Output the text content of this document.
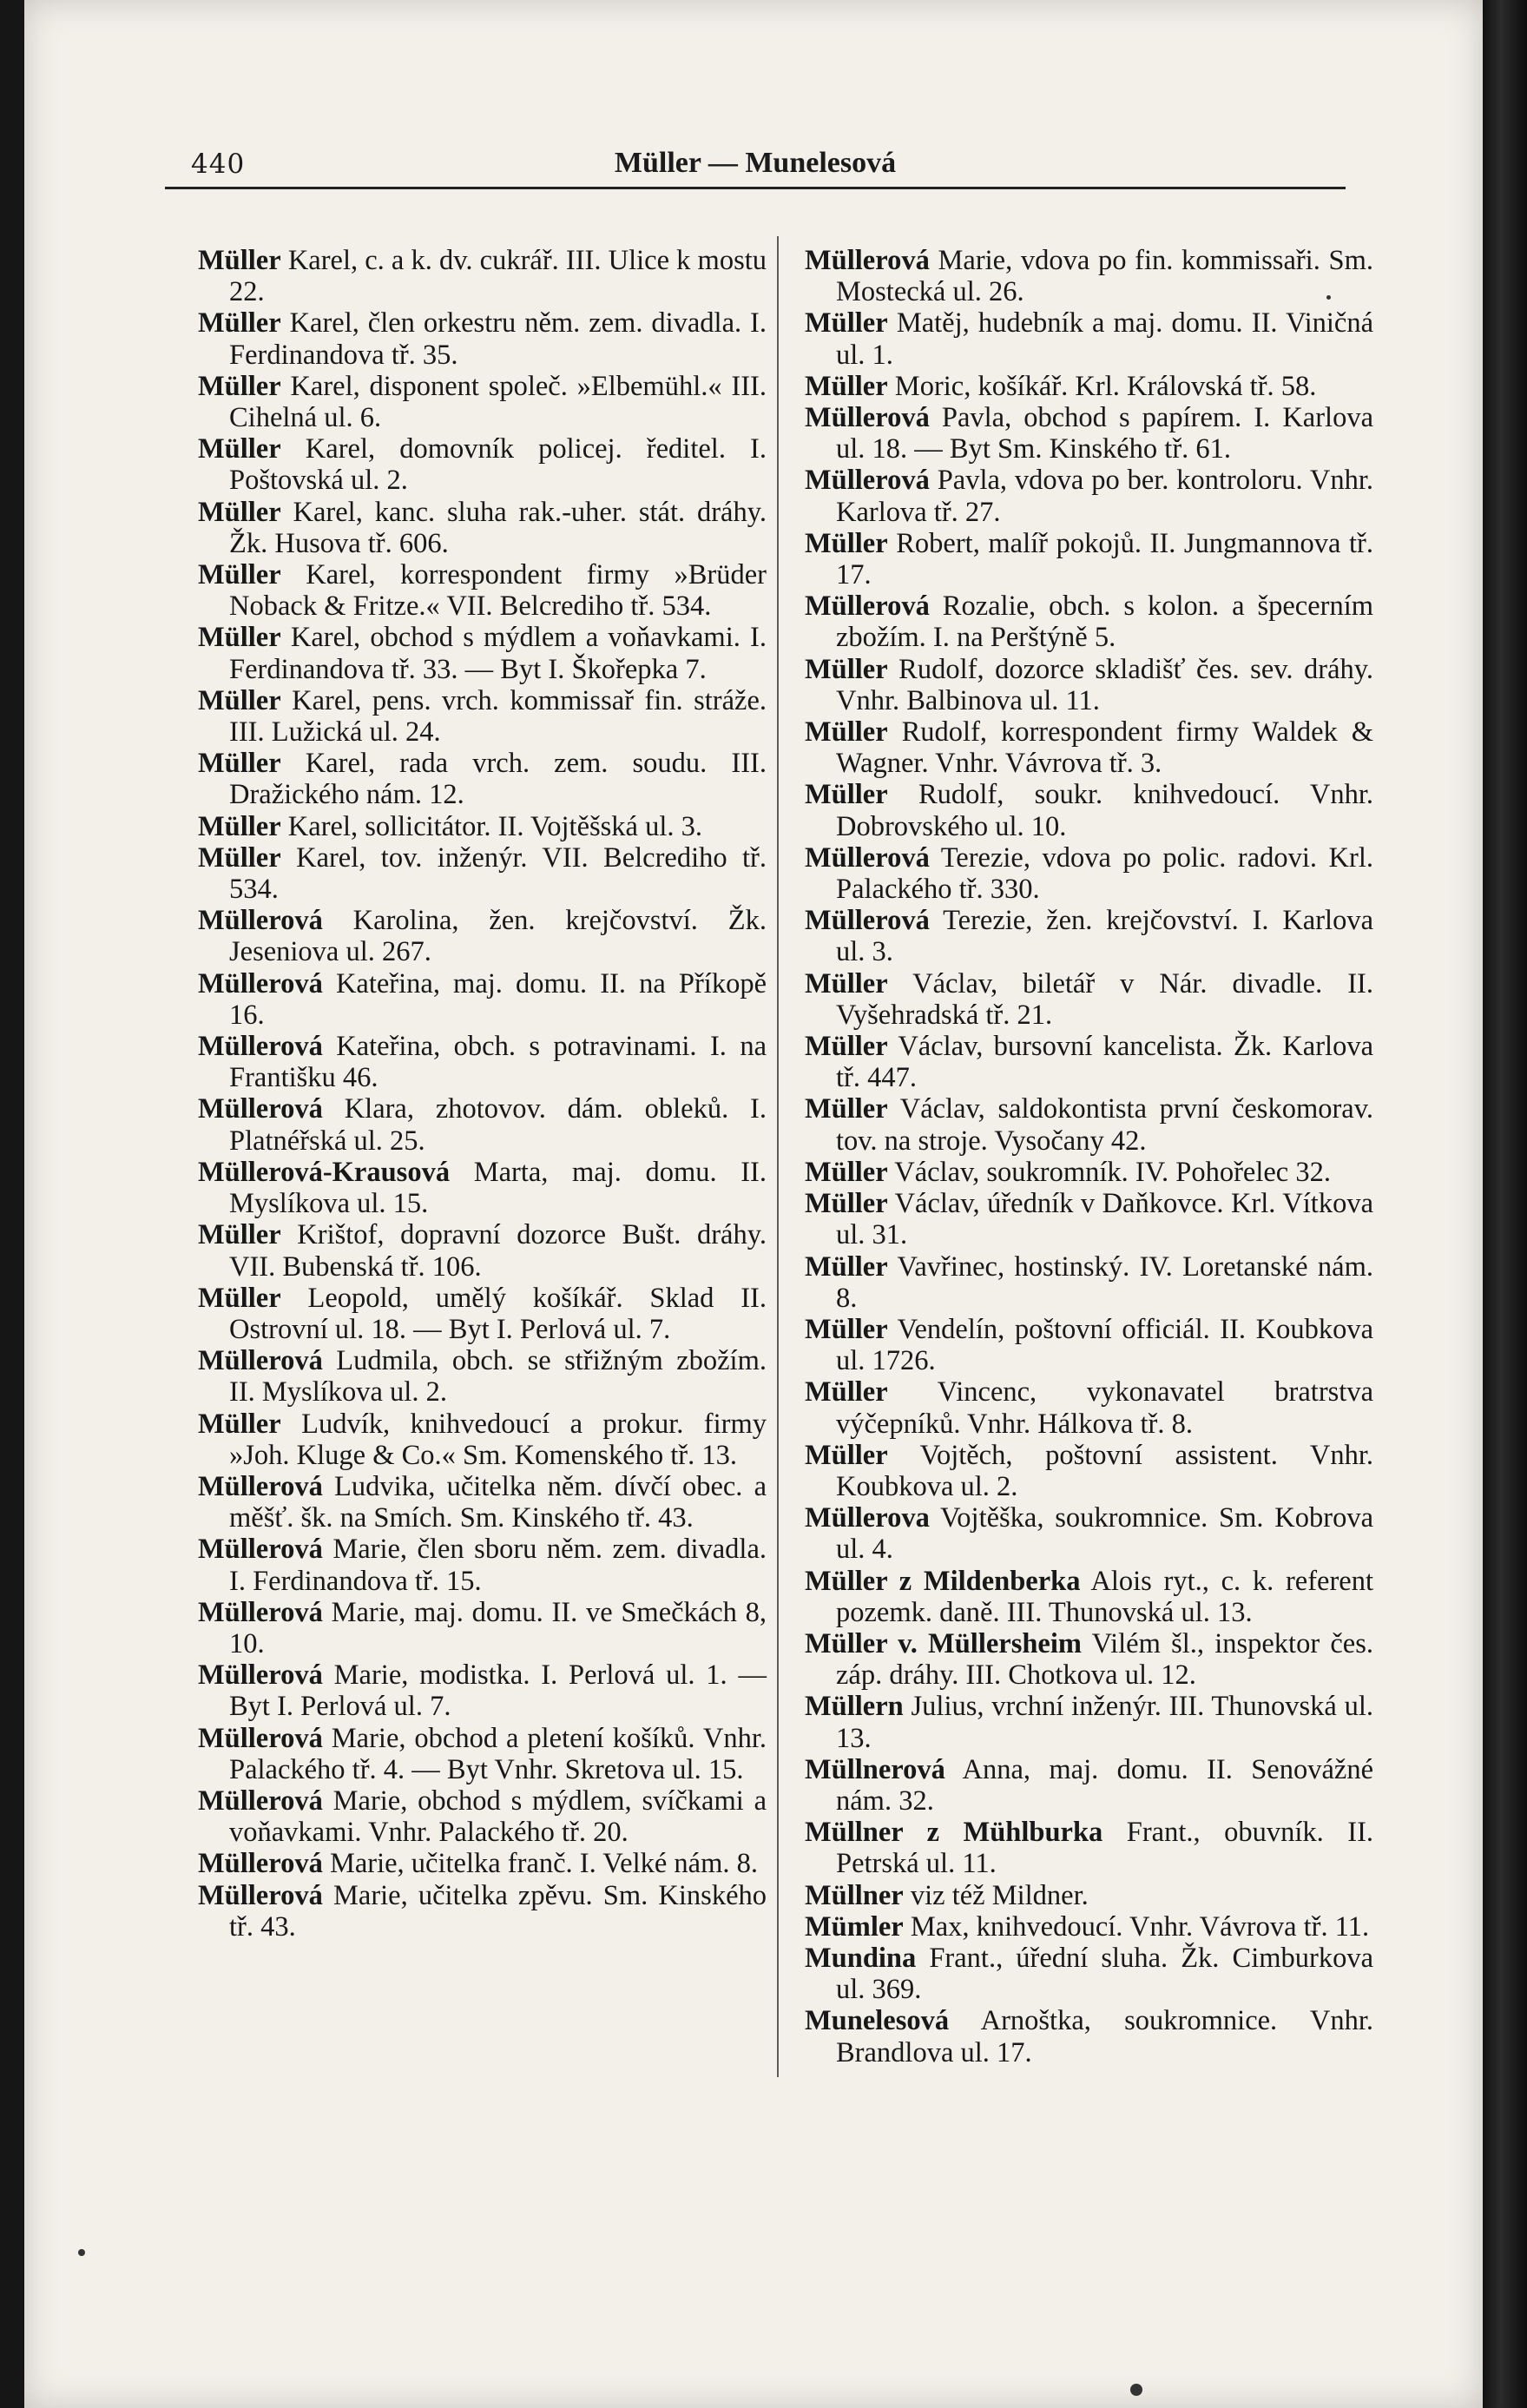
440	Müller — Munelesová

Müller Karel, c. a k. dv. cukrář. III. Ulice k mostu 22.

Müller Karel, člen orkestru něm. zem. divadla. I. Ferdinandova tř. 35.

Müller Karel, disponent společ. »Elbemühl.« III. Cihelná ul. 6.

Müller Karel, domovník policej. ředitel. I. Poštovská ul. 2.

Müller Karel, kanc. sluha rak.-uher. stát. dráhy. Žk. Husova tř. 606.

Müller Karel, korrespondent firmy »Brüder Noback & Fritze.« VII. Belcrediho tř. 534.

Müller Karel, obchod s mýdlem a voňavkami. I. Ferdinandova tř. 33. — Byt I. Škořepka 7.

Müller Karel, pens. vrch. kommissař fin. stráže. III. Lužická ul. 24.

Müller Karel, rada vrch. zem. soudu. III. Dražického nám. 12.

Müller Karel, sollicitátor. II. Vojtěšská ul. 3.

Müller Karel, tov. inženýr. VII. Belcrediho tř. 534.

Müllerová Karolina, žen. krejčovství. Žk. Jeseniova ul. 267.

Müllerová Kateřina, maj. domu. II. na Příkopě 16.

Müllerová Kateřina, obch. s potravinami. I. na Františku 46.

Müllerová Klara, zhotovov. dám. obleků. I. Platnéřská ul. 25.

Müllerová-Krausová Marta, maj. domu. II. Myslíkova ul. 15.

Müller Krištof, dopravní dozorce Bušt. dráhy. VII. Bubenská tř. 106.

Müller Leopold, umělý košíkář. Sklad II. Ostrovní ul. 18. — Byt I. Perlová ul. 7.

Müllerová Ludmila, obch. se střižným zbožím. II. Myslíkova ul. 2.

Müller Ludvík, knihvedoucí a prokur. firmy »Joh. Kluge & Co.« Sm. Komenského tř. 13.

Müllerová Ludvika, učitelka něm. dívčí obec. a měšť. šk. na Smích. Sm. Kinského tř. 43.

Müllerová Marie, člen sboru něm. zem. divadla. I. Ferdinandova tř. 15.

Müllerová Marie, maj. domu. II. ve Smečkách 8, 10.

Müllerová Marie, modistka. I. Perlová ul. 1. — Byt I. Perlová ul. 7.

Müllerová Marie, obchod a pletení košíků. Vnhr. Palackého tř. 4. — Byt Vnhr. Skretova ul. 15.

Müllerová Marie, obchod s mýdlem, svíčkami a voňavkami. Vnhr. Palackého tř. 20.

Müllerová Marie, učitelka franč. I. Velké nám. 8.

Müllerová Marie, učitelka zpěvu. Sm. Kinského tř. 43.

Müllerová Marie, vdova po fin. kommissaři. Sm. Mostecká ul. 26.

Müller Matěj, hudebník a maj. domu. II. Viničná ul. 1.

Müller Moric, košíkář. Krl. Královská tř. 58.

Müllerová Pavla, obchod s papírem. I. Karlova ul. 18. — Byt Sm. Kinského tř. 61.

Müllerová Pavla, vdova po ber. kontroloru. Vnhr. Karlova tř. 27.

Müller Robert, malíř pokojů. II. Jungmannova tř. 17.

Müllerová Rozalie, obch. s kolon. a špecerním zbožím. I. na Perštýně 5.

Müller Rudolf, dozorce skladišť čes. sev. dráhy. Vnhr. Balbinova ul. 11.

Müller Rudolf, korrespondent firmy Waldek & Wagner. Vnhr. Vávrova tř. 3.

Müller Rudolf, soukr. knihvedoucí. Vnhr. Dobrovského ul. 10.

Müllerová Terezie, vdova po polic. radovi. Krl. Palackého tř. 330.

Müllerová Terezie, žen. krejčovství. I. Karlova ul. 3.

Müller Václav, biletář v Nár. divadle. II. Vyšehradská tř. 21.

Müller Václav, bursovní kancelista. Žk. Karlova tř. 447.

Müller Václav, saldokontista první českomorav. tov. na stroje. Vysočany 42.

Müller Václav, soukromník. IV. Pohořelec 32.

Müller Václav, úředník v Daňkovce. Krl. Vítkova ul. 31.

Müller Vavřinec, hostinský. IV. Loretanské nám. 8.

Müller Vendelín, poštovní officiál. II. Koubkova ul. 1726.

Müller Vincenc, vykonavatel bratrstva výčepníků. Vnhr. Hálkova tř. 8.

Müller Vojtěch, poštovní assistent. Vnhr. Koubkova ul. 2.

Müllerova Vojtěška, soukromnice. Sm. Kobrova ul. 4.

Müller z Mildenberka Alois ryt., c. k. referent pozemk. daně. III. Thunovská ul. 13.

Müller v. Müllersheim Vilém šl., inspektor čes. záp. dráhy. III. Chotkova ul. 12.

Müllern Julius, vrchní inženýr. III. Thunovská ul. 13.

Müllnerová Anna, maj. domu. II. Senovážné nám. 32.

Müllner z Mühlburka Frant., obuvník. II. Petrská ul. 11.

Müllner viz též Mildner.

Mümler Max, knihvedoucí. Vnhr. Vávrova tř. 11.

Mundina Frant., úřední sluha. Žk. Cimburkova ul. 369.

Munelesová Arnoštka, soukromnice. Vnhr. Brandlova ul. 17.
